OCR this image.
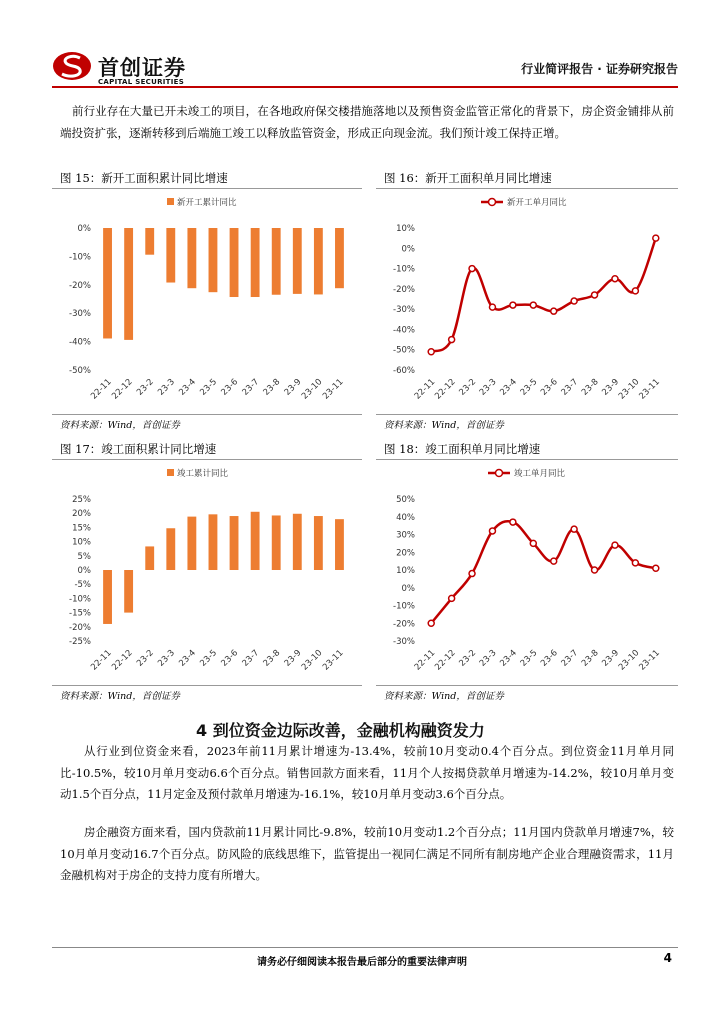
首创证券
CAPITAL SECURITIES
行业简评报告 · 证券研究报告

前行业存在大量已开未竣工的项目，在各地政府保交楼措施落地以及预售资金监管正常化的背景下，房企资金铺排从前端投资扩张，逐渐转移到后端施工竣工以释放监管资金，形成正向现金流。我们预计竣工保持正增。

图 15：新开工面积累计同比增速
新开工累计同比
0%
-10%
-20%
-30%
-40%
-50%
22-11
22-12 23-2 23-3 23-4 23-5 23-6 23-7 23-8 23-9
23-10
23-11
资料来源：Wind，首创证券
图 16：新开工面积单月同比增速
新开工单月同比
10%
0%
-10%
-20%
-30%
-40%
-50%
-60%
22-11
22-12 23-2 23-3 23-4 23-5 23-6 23-7 23-8 23-9
23-10
23-11
资料来源：Wind，首创证券
图 17：竣工面积累计同比增速
竣工累计同比
25%
20%
15%
10%
5%
0%
-5%
-10%
-15%
-20%
-25%
22-11
22-12 23-2 23-3 23-4 23-5 23-6 23-7 23-8 23-9
23-10
23-11
资料来源：Wind，首创证券
图 18：竣工面积单月同比增速
竣工单月同比
50%
40%
30%
20%
10%
0%
-10%
-20%
-30%
22-11
22-12 23-2 23-3 23-4 23-5 23-6 23-7 23-8 23-9
23-10
23-11
资料来源：Wind，首创证券
4 到位资金边际改善，金融机构融资发力

从行业到位资金来看，2023年前11月累计增速为-13.4%，较前10月变动0.4个百分点。到位资金11月单月同比-10.5%，较10月单月变动6.6个百分点。销售回款方面来看，11月个人按揭贷款单月增速为-14.2%，较10月单月变动1.5个百分点，11月定金及预付款单月增速为-16.1%，较10月单月变动3.6个百分点。

房企融资方面来看，国内贷款前11月累计同比-9.8%，较前10月变动1.2个百分点；11月国内贷款单月增速7%，较10月单月变动16.7个百分点。防风险的底线思维下，监管提出一视同仁满足不同所有制房地产企业合理融资需求，11月金融机构对于房企的支持力度有所增大。

请务必仔细阅读本报告最后部分的重要法律声明	4
